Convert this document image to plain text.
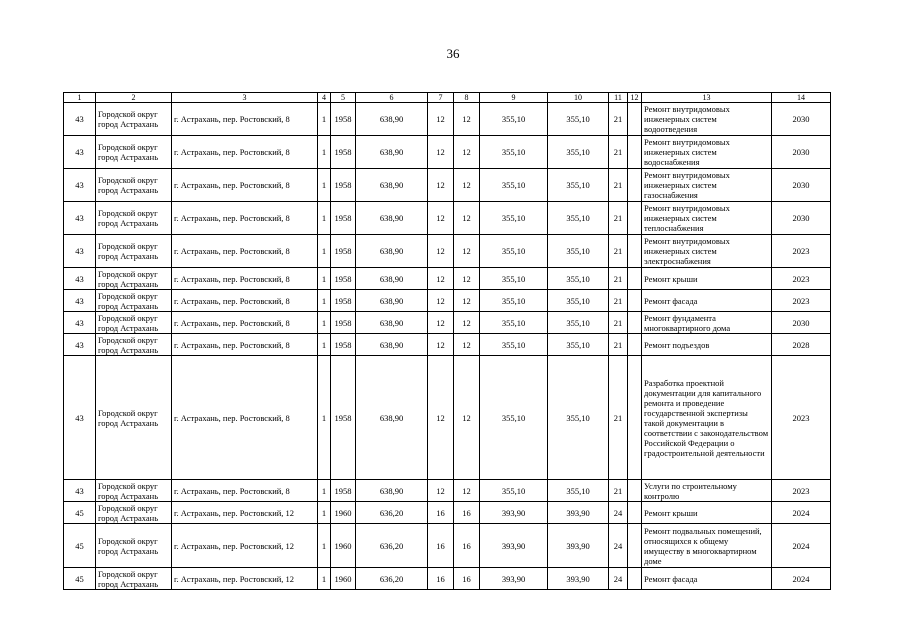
36
1	2	3	4	5	6	7	8	9	10	11	12	13	14
43	Городской округ город Астрахань	г. Астрахань, пер. Ростовский, 8	1	1958	638,90	12	12	355,10	355,10	21		Ремонт внутридомовых инженерных систем водоотведения	2030
43	Городской округ город Астрахань	г. Астрахань, пер. Ростовский, 8	1	1958	638,90	12	12	355,10	355,10	21		Ремонт внутридомовых инженерных систем водоснабжения	2030
43	Городской округ город Астрахань	г. Астрахань, пер. Ростовский, 8	1	1958	638,90	12	12	355,10	355,10	21		Ремонт внутридомовых инженерных систем газоснабжения	2030
43	Городской округ город Астрахань	г. Астрахань, пер. Ростовский, 8	1	1958	638,90	12	12	355,10	355,10	21		Ремонт внутридомовых инженерных систем теплоснабжения	2030
43	Городской округ город Астрахань	г. Астрахань, пер. Ростовский, 8	1	1958	638,90	12	12	355,10	355,10	21		Ремонт внутридомовых инженерных систем электроснабжения	2023
43	Городской округ город Астрахань	г. Астрахань, пер. Ростовский, 8	1	1958	638,90	12	12	355,10	355,10	21		Ремонт крыши	2023
43	Городской округ город Астрахань	г. Астрахань, пер. Ростовский, 8	1	1958	638,90	12	12	355,10	355,10	21		Ремонт фасада	2023
43	Городской округ город Астрахань	г. Астрахань, пер. Ростовский, 8	1	1958	638,90	12	12	355,10	355,10	21		Ремонт фундамента многоквартирного дома	2030
43	Городской округ город Астрахань	г. Астрахань, пер. Ростовский, 8	1	1958	638,90	12	12	355,10	355,10	21		Ремонт подъездов	2028
43	Городской округ город Астрахань	г. Астрахань, пер. Ростовский, 8	1	1958	638,90	12	12	355,10	355,10	21		Разработка проектной документации для капитального ремонта и проведение государственной экспертизы такой документации в соответствии с законодательством Российской Федерации о градостроительной деятельности	2023
43	Городской округ город Астрахань	г. Астрахань, пер. Ростовский, 8	1	1958	638,90	12	12	355,10	355,10	21		Услуги по строительному контролю	2023
45	Городской округ город Астрахань	г. Астрахань, пер. Ростовский, 12	1	1960	636,20	16	16	393,90	393,90	24		Ремонт крыши	2024
45	Городской округ город Астрахань	г. Астрахань, пер. Ростовский, 12	1	1960	636,20	16	16	393,90	393,90	24		Ремонт подвальных помещений, относящихся к общему имуществу в многоквартирном доме	2024
45	Городской округ город Астрахань	г. Астрахань, пер. Ростовский, 12	1	1960	636,20	16	16	393,90	393,90	24		Ремонт фасада	2024
